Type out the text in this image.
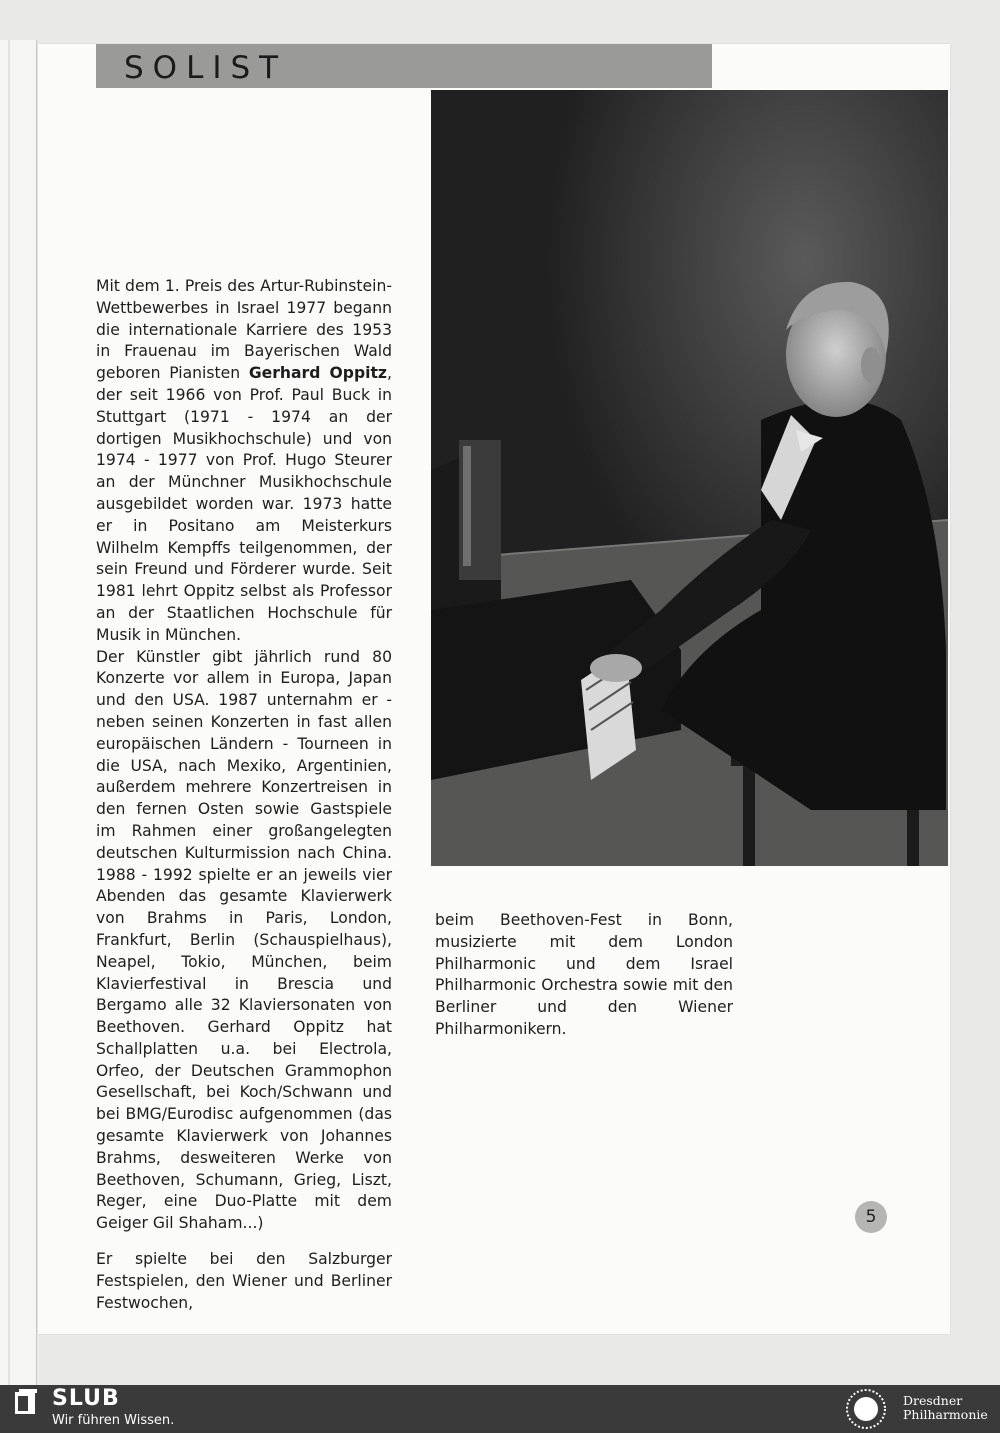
SOLIST

Mit dem 1. Preis des Artur-Rubinstein-Wettbewerbes in Israel 1977 begann die internationale Karriere des 1953 in Frauenau im Bayerischen Wald geboren Pianisten Gerhard Oppitz, der seit 1966 von Prof. Paul Buck in Stuttgart (1971 - 1974 an der dortigen Musikhochschule) und von 1974 - 1977 von Prof. Hugo Steurer an der Münchner Musikhochschule ausgebildet worden war. 1973 hatte er in Positano am Meisterkurs Wilhelm Kempffs teilgenommen, der sein Freund und Förderer wurde. Seit 1981 lehrt Oppitz selbst als Professor an der Staatlichen Hochschule für Musik in München.

Der Künstler gibt jährlich rund 80 Konzerte vor allem in Europa, Japan und den USA. 1987 unternahm er - neben seinen Konzerten in fast allen europäischen Ländern - Tourneen in die USA, nach Mexiko, Argentinien, außerdem mehrere Konzertreisen in den fernen Osten sowie Gastspiele im Rahmen einer großangelegten deutschen Kulturmission nach China. 1988 - 1992 spielte er an jeweils vier Abenden das gesamte Klavierwerk von Brahms in Paris, London, Frankfurt, Berlin (Schauspielhaus), Neapel, Tokio, München, beim Klavierfestival in Brescia und Bergamo alle 32 Klaviersonaten von Beethoven. Gerhard Oppitz hat Schallplatten u.a. bei Electrola, Orfeo, der Deutschen Grammophon Gesellschaft, bei Koch/Schwann und bei BMG/Eurodisc aufgenommen (das gesamte Klavierwerk von Johannes Brahms, desweiteren Werke von Beethoven, Schumann, Grieg, Liszt, Reger, eine Duo-Platte mit dem Geiger Gil Shaham...)

Er spielte bei den Salzburger Festspielen, den Wiener und Berliner Festwochen,

beim Beethoven-Fest in Bonn, musizierte mit dem London Philharmonic und dem Israel Philharmonic Orchestra sowie mit den Berliner und den Wiener Philharmonikern.
5
SLUB
Wir führen Wissen.
Dresdner
Philharmonie
